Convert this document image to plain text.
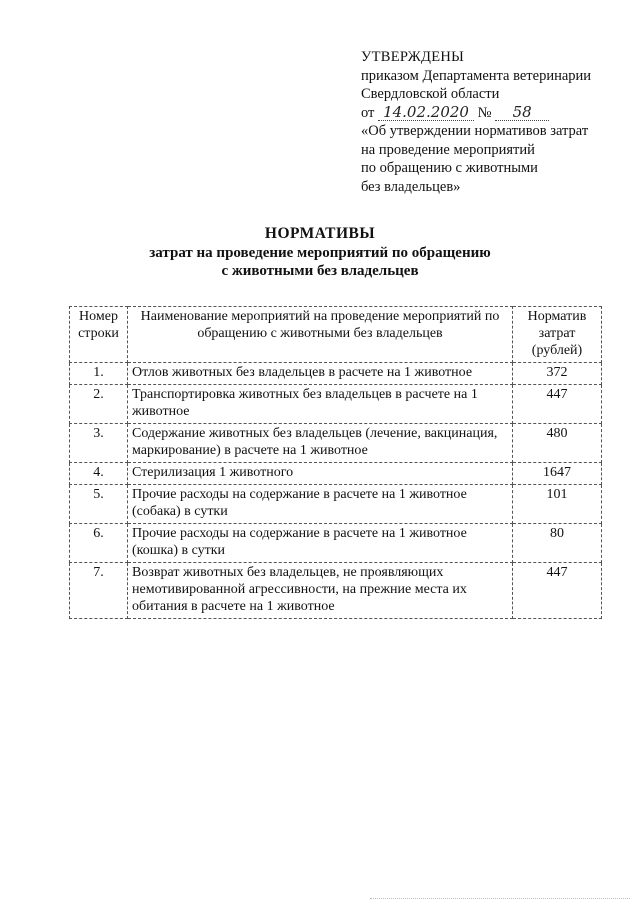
УТВЕРЖДЕНЫ
приказом Департамента ветеринарии
Свердловской области
от 14.02.2020 № 58
«Об утверждении нормативов затрат
на проведение мероприятий
по обращению с животными
без владельцев»
НОРМАТИВЫ
затрат на проведение мероприятий по обращению
с животными без владельцев
Номер строки	Наименование мероприятий на проведение мероприятий по обращению с животными без владельцев	Норматив затрат (рублей)
1.	Отлов животных без владельцев в расчете на 1 животное	372
2.	Транспортировка животных без владельцев в расчете на 1 животное	447
3.	Содержание животных без владельцев (лечение, вакцинация, маркирование) в расчете на 1 животное	480
4.	Стерилизация 1 животного	1647
5.	Прочие расходы на содержание в расчете на 1 животное (собака) в сутки	101
6.	Прочие расходы на содержание в расчете на 1 животное (кошка) в сутки	80
7.	Возврат животных без владельцев, не проявляющих немотивированной агрессивности, на прежние места их обитания в расчете на 1 животное	447
